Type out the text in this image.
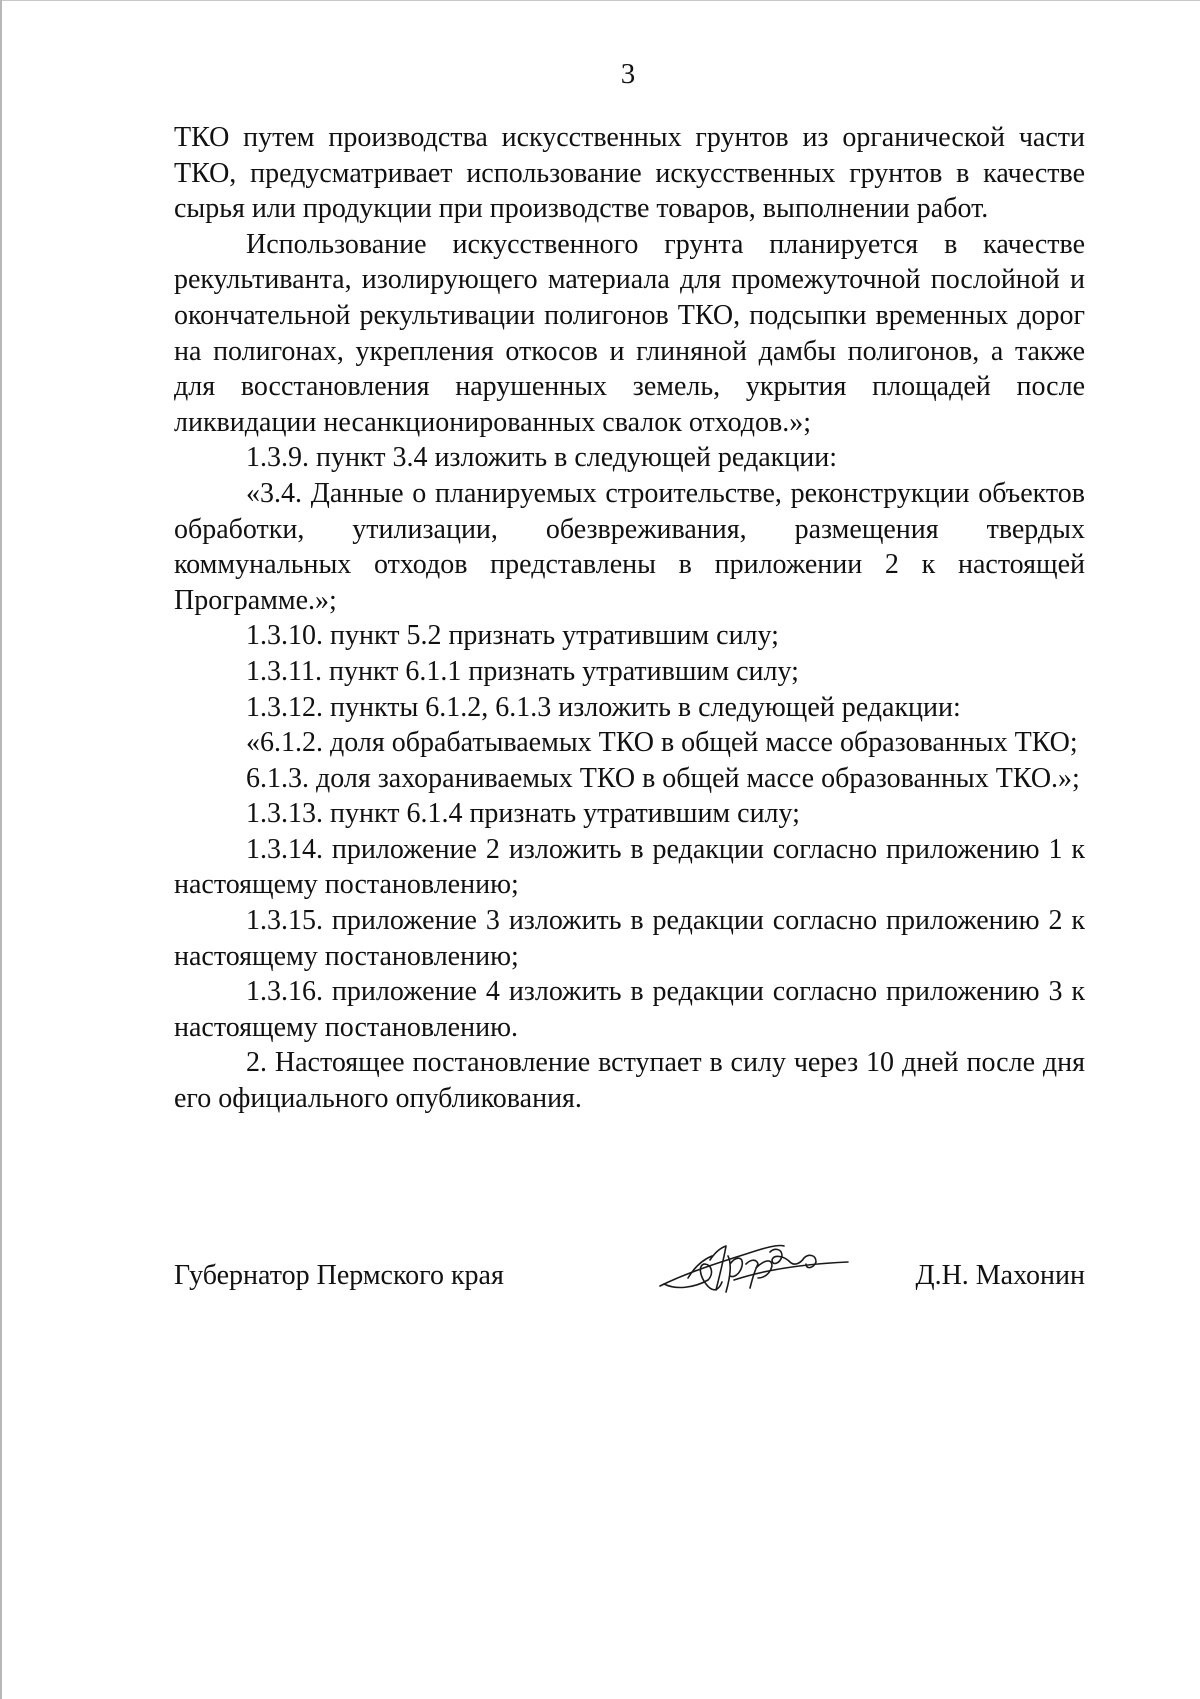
3

ТКО путем производства искусственных грунтов из органической части ТКО, предусматривает использование искусственных грунтов в качестве сырья или продукции при производстве товаров, выполнении работ.

Использование искусственного грунта планируется в качестве рекультиванта, изолирующего материала для промежуточной послойной и окончательной рекультивации полигонов ТКО, подсыпки временных дорог на полигонах, укрепления откосов и глиняной дамбы полигонов, а также для восстановления нарушенных земель, укрытия площадей после ликвидации несанкционированных свалок отходов.»;

1.3.9. пункт 3.4 изложить в следующей редакции:

«3.4. Данные о планируемых строительстве, реконструкции объектов обработки, утилизации, обезвреживания, размещения твердых коммунальных отходов представлены в приложении 2 к настоящей Программе.»;

1.3.10. пункт 5.2 признать утратившим силу;

1.3.11. пункт 6.1.1 признать утратившим силу;

1.3.12. пункты 6.1.2, 6.1.3 изложить в следующей редакции:

«6.1.2. доля обрабатываемых ТКО в общей массе образованных ТКО;

6.1.3. доля захораниваемых ТКО в общей массе образованных ТКО.»;

1.3.13. пункт 6.1.4 признать утратившим силу;

1.3.14. приложение 2 изложить в редакции согласно приложению 1 к настоящему постановлению;

1.3.15. приложение 3 изложить в редакции согласно приложению 2 к настоящему постановлению;

1.3.16. приложение 4 изложить в редакции согласно приложению 3 к настоящему постановлению.

2. Настоящее постановление вступает в силу через 10 дней после дня его официального опубликования.

Губернатор Пермского края	Д.Н. Махонин
